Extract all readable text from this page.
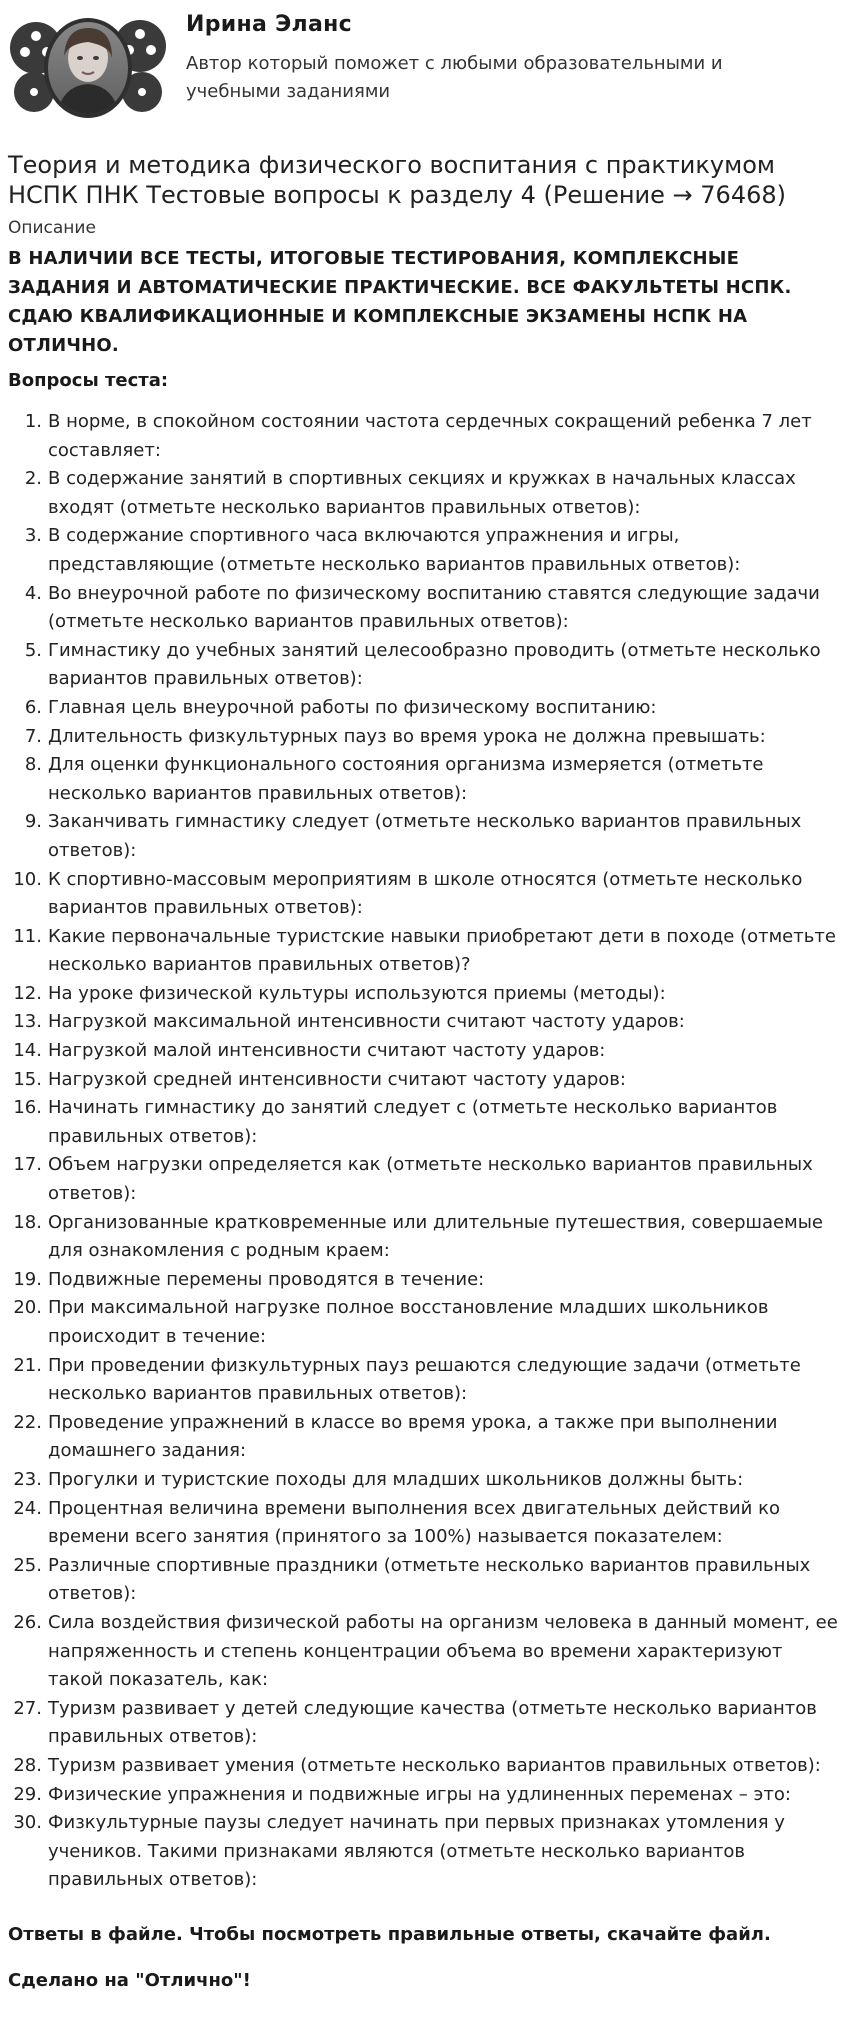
Ирина Эланс
Автор который поможет с любыми образовательными и учебными заданиями
Теория и методика физического воспитания с практикумом НСПК ПНК Тестовые вопросы к разделу 4 (Решение → 76468)
Описание
В НАЛИЧИИ ВСЕ ТЕСТЫ, ИТОГОВЫЕ ТЕСТИРОВАНИЯ, КОМПЛЕКСНЫЕ ЗАДАНИЯ И АВТОМАТИЧЕСКИЕ ПРАКТИЧЕСКИЕ. ВСЕ ФАКУЛЬТЕТЫ НСПК. СДАЮ КВАЛИФИКАЦИОННЫЕ И КОМПЛЕКСНЫЕ ЭКЗАМЕНЫ НСПК НА ОТЛИЧНО.
Вопросы теста:
1. В норме, в спокойном состоянии частота сердечных сокращений ребенка 7 лет составляет:
2. В содержание занятий в спортивных секциях и кружках в начальных классах входят (отметьте несколько вариантов правильных ответов):
3. В содержание спортивного часа включаются упражнения и игры, представляющие (отметьте несколько вариантов правильных ответов):
4. Во внеурочной работе по физическому воспитанию ставятся следующие задачи (отметьте несколько вариантов правильных ответов):
5. Гимнастику до учебных занятий целесообразно проводить (отметьте несколько вариантов правильных ответов):
6. Главная цель внеурочной работы по физическому воспитанию:
7. Длительность физкультурных пауз во время урока не должна превышать:
8. Для оценки функционального состояния организма измеряется (отметьте несколько вариантов правильных ответов):
9. Заканчивать гимнастику следует (отметьте несколько вариантов правильных ответов):
10. К спортивно-массовым мероприятиям в школе относятся (отметьте несколько вариантов правильных ответов):
11. Какие первоначальные туристские навыки приобретают дети в походе (отметьте несколько вариантов правильных ответов)?
12. На уроке физической культуры используются приемы (методы):
13. Нагрузкой максимальной интенсивности считают частоту ударов:
14. Нагрузкой малой интенсивности считают частоту ударов:
15. Нагрузкой средней интенсивности считают частоту ударов:
16. Начинать гимнастику до занятий следует с (отметьте несколько вариантов правильных ответов):
17. Объем нагрузки определяется как (отметьте несколько вариантов правильных ответов):
18. Организованные кратковременные или длительные путешествия, совершаемые для ознакомления с родным краем:
19. Подвижные перемены проводятся в течение:
20. При максимальной нагрузке полное восстановление младших школьников происходит в течение:
21. При проведении физкультурных пауз решаются следующие задачи (отметьте несколько вариантов правильных ответов):
22. Проведение упражнений в классе во время урока, а также при выполнении домашнего задания:
23. Прогулки и туристские походы для младших школьников должны быть:
24. Процентная величина времени выполнения всех двигательных действий ко времени всего занятия (принятого за 100%) называется показателем:
25. Различные спортивные праздники (отметьте несколько вариантов правильных ответов):
26. Сила воздействия физической работы на организм человека в данный момент, ее напряженность и степень концентрации объема во времени характеризуют такой показатель, как:
27. Туризм развивает у детей следующие качества (отметьте несколько вариантов правильных ответов):
28. Туризм развивает умения (отметьте несколько вариантов правильных ответов):
29. Физические упражнения и подвижные игры на удлиненных переменах – это:
30. Физкультурные паузы следует начинать при первых признаках утомления у учеников. Такими признаками являются (отметьте несколько вариантов правильных ответов):
Ответы в файле. Чтобы посмотреть правильные ответы, скачайте файл.
Сделано на "Отлично"!
